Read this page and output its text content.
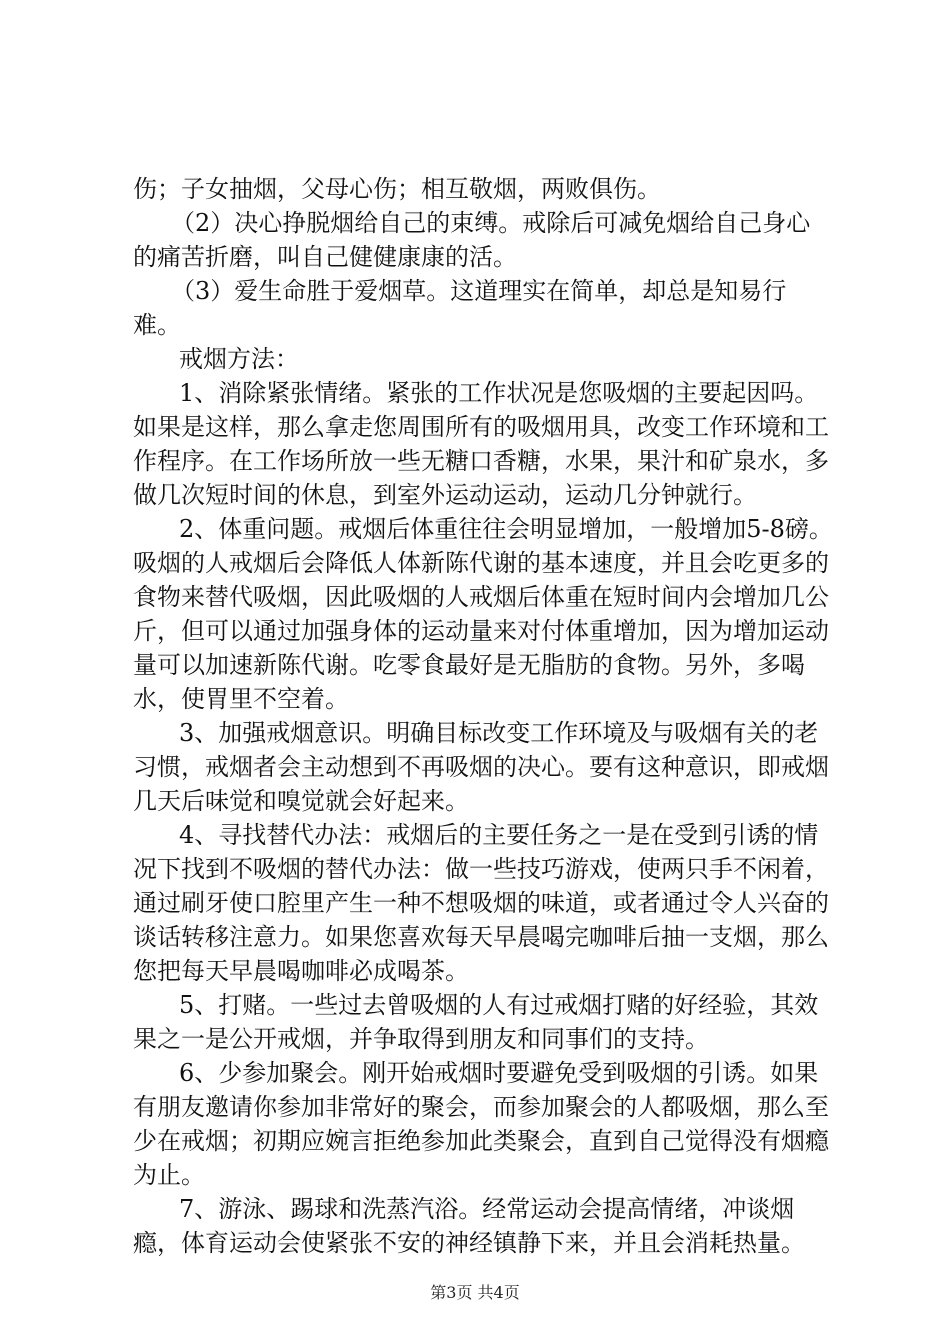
伤；子女抽烟，父母心伤；相互敬烟，两败俱伤。

（2）决心挣脱烟给自己的束缚。戒除后可减免烟给自己身心的痛苦折磨，叫自己健健康康的活。

（3）爱生命胜于爱烟草。这道理实在简单，却总是知易行难。

戒烟方法：

1、消除紧张情绪。紧张的工作状况是您吸烟的主要起因吗。如果是这样，那么拿走您周围所有的吸烟用具，改变工作环境和工作程序。在工作场所放一些无糖口香糖，水果，果汁和矿泉水，多做几次短时间的休息，到室外运动运动，运动几分钟就行。

2、体重问题。戒烟后体重往往会明显增加，一般增加5-8磅。吸烟的人戒烟后会降低人体新陈代谢的基本速度，并且会吃更多的食物来替代吸烟，因此吸烟的人戒烟后体重在短时间内会增加几公斤，但可以通过加强身体的运动量来对付体重增加，因为增加运动量可以加速新陈代谢。吃零食最好是无脂肪的食物。另外，多喝水，使胃里不空着。

3、加强戒烟意识。明确目标改变工作环境及与吸烟有关的老习惯，戒烟者会主动想到不再吸烟的决心。要有这种意识，即戒烟几天后味觉和嗅觉就会好起来。

4、寻找替代办法：戒烟后的主要任务之一是在受到引诱的情况下找到不吸烟的替代办法：做一些技巧游戏，使两只手不闲着，通过刷牙使口腔里产生一种不想吸烟的味道，或者通过令人兴奋的谈话转移注意力。如果您喜欢每天早晨喝完咖啡后抽一支烟，那么您把每天早晨喝咖啡必成喝茶。

5、打赌。一些过去曾吸烟的人有过戒烟打赌的好经验，其效果之一是公开戒烟，并争取得到朋友和同事们的支持。

6、少参加聚会。刚开始戒烟时要避免受到吸烟的引诱。如果有朋友邀请你参加非常好的聚会，而参加聚会的人都吸烟，那么至少在戒烟；初期应婉言拒绝参加此类聚会，直到自己觉得没有烟瘾为止。

7、游泳、踢球和洗蒸汽浴。经常运动会提高情绪，冲谈烟瘾，体育运动会使紧张不安的神经镇静下来，并且会消耗热量。

第3页 共4页
